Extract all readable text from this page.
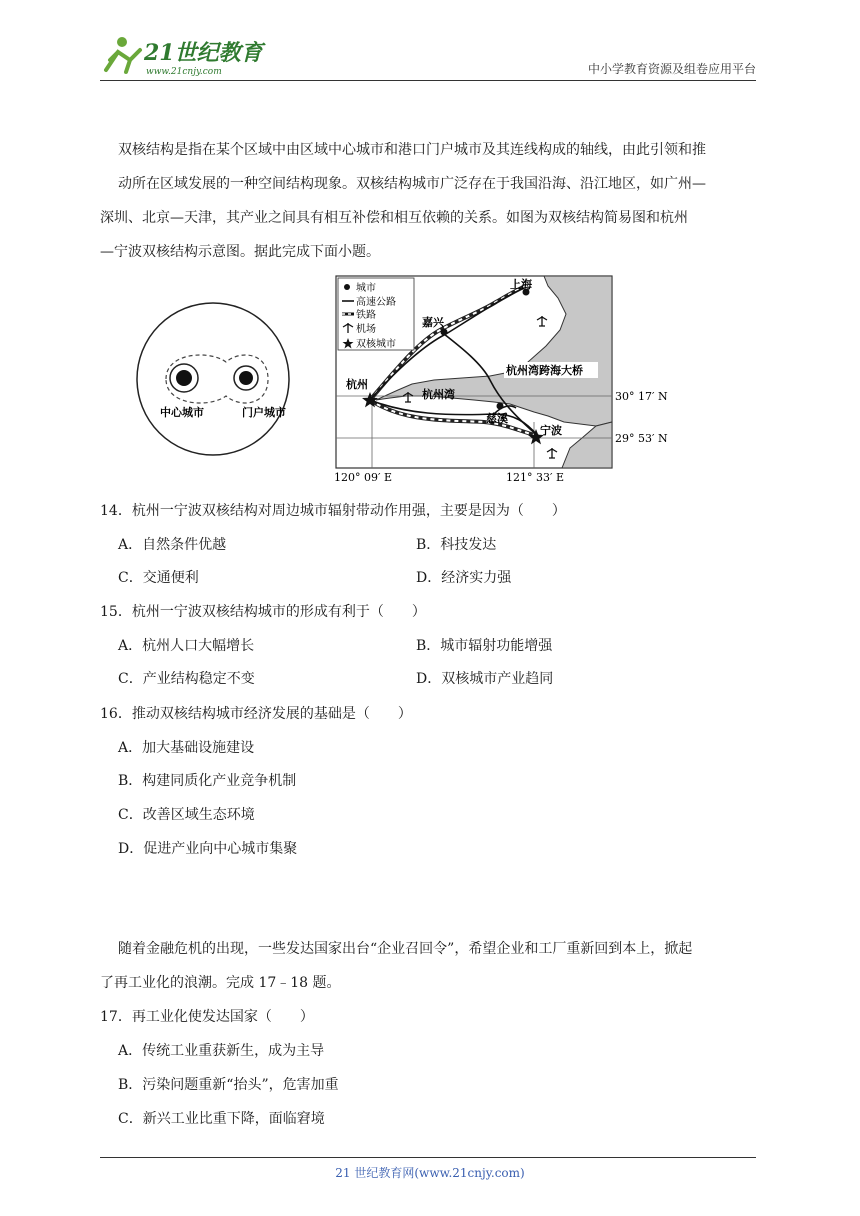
21世纪教育
www.21cnjy.com	中小学教育资源及组卷应用平台
双核结构是指在某个区域中由区域中心城市和港口门户城市及其连线构成的轴线，由此引领和推
动所在区域发展的一种空间结构现象。双核结构城市广泛存在于我国沿海、沿江地区，如广州—
深圳、北京—天津，其产业之间具有相互补偿和相互依赖的关系。如图为双核结构简易图和杭州
—宁波双核结构示意图。据此完成下面小题。
中心城市	门户城市
城市
高速公路
铁路
机场
双核城市
上海
嘉兴
杭州
杭州湾
杭州湾跨海大桥
慈溪
宁波
30° 17′ N
29° 53′ N
120° 09′ E	121° 33′ E
14．杭州一宁波双核结构对周边城市辐射带动作用强，主要是因为（　　）
A．自然条件优越	B．科技发达
C．交通便利	D．经济实力强
15．杭州一宁波双核结构城市的形成有利于（　　）
A．杭州人口大幅增长	B．城市辐射功能增强
C．产业结构稳定不变	D．双核城市产业趋同
16．推动双核结构城市经济发展的基础是（　　）
A．加大基础设施建设
B．构建同质化产业竞争机制
C．改善区域生态环境
D．促进产业向中心城市集聚
随着金融危机的出现，一些发达国家出台“企业召回令”，希望企业和工厂重新回到本上，掀起
了再工业化的浪潮。完成 17﹣18 题。
17．再工业化使发达国家（　　）
A．传统工业重获新生，成为主导
B．污染问题重新“抬头”，危害加重
C．新兴工业比重下降，面临窘境
21 世纪教育网(www.21cnjy.com)
